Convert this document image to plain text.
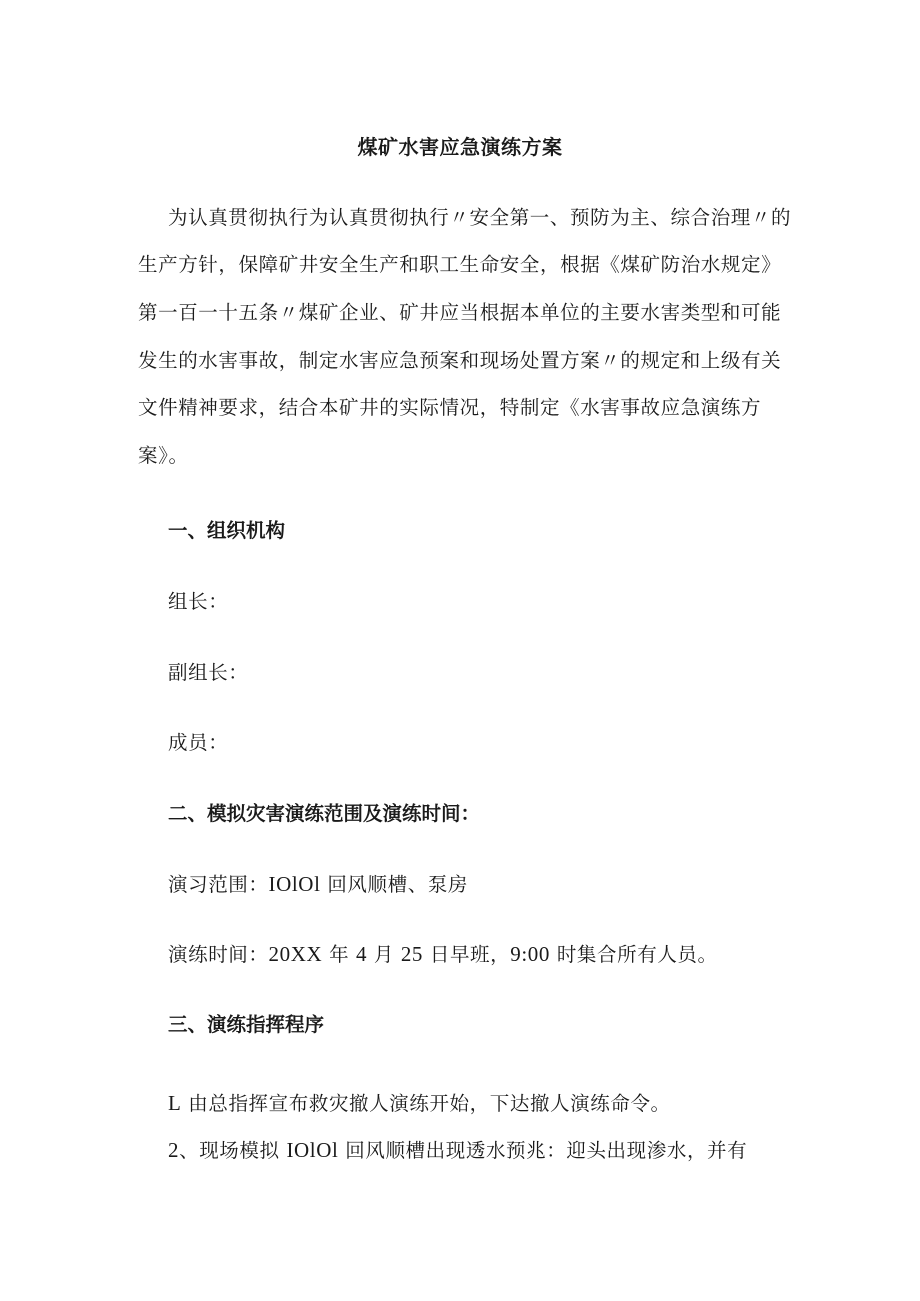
煤矿水害应急演练方案
为认真贯彻执行为认真贯彻执行〃安全第一、预防为主、综合治理〃的
生产方针，保障矿井安全生产和职工生命安全，根据《煤矿防治水规定》
第一百一十五条〃煤矿企业、矿井应当根据本单位的主要水害类型和可能
发生的水害事故，制定水害应急预案和现场处置方案〃的规定和上级有关
文件精神要求，结合本矿井的实际情况，特制定《水害事故应急演练方
案》。
一、组织机构
组长：
副组长：
成员：
二、模拟灾害演练范围及演练时间：
演习范围：IOlOl 回风顺槽、泵房
演练时间：20XX 年 4 月 25 日早班，9:00 时集合所有人员。
三、演练指挥程序
L 由总指挥宣布救灾撤人演练开始，下达撤人演练命令。
2、现场模拟 IOlOl 回风顺槽出现透水预兆：迎头出现渗水，并有
